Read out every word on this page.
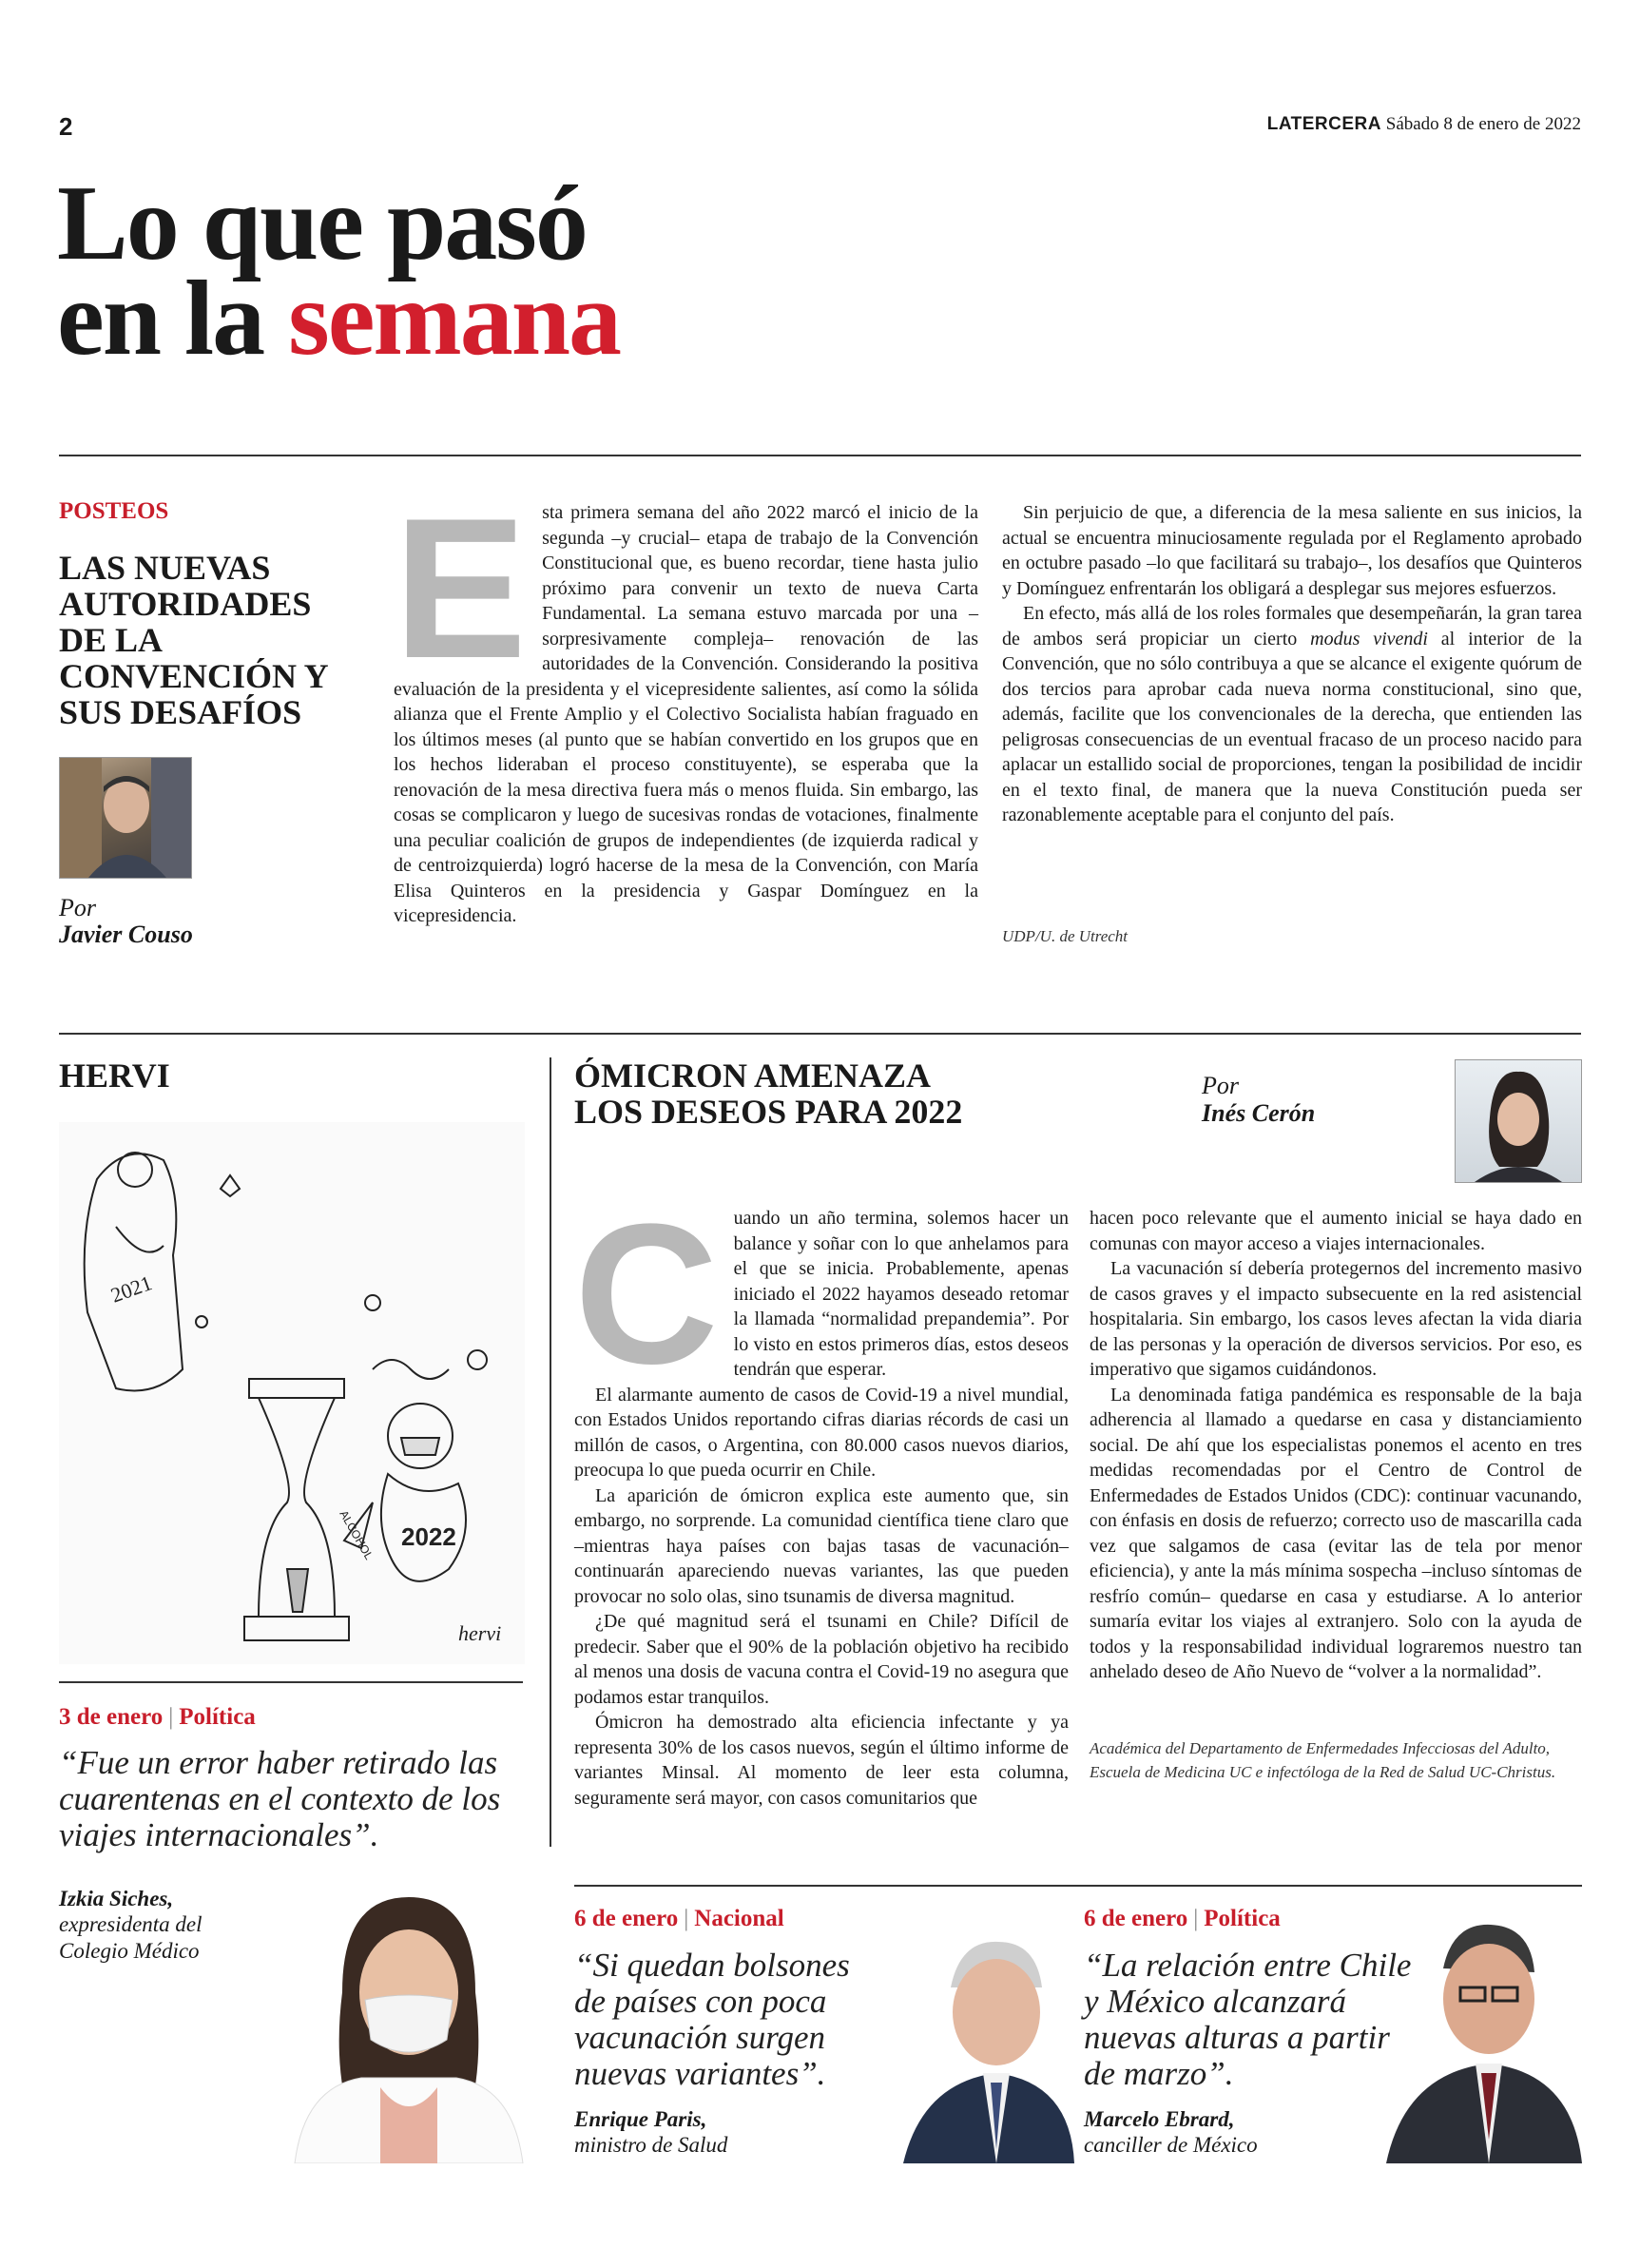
2	LATERCERA Sábado 8 de enero de 2022
Lo que pasó
en la semana
POSTEOS
LAS NUEVAS AUTORIDADES DE LA CONVENCIÓN Y SUS DESAFÍOS
Por
Javier Couso
E sta primera semana del año 2022 marcó el inicio de la segunda –y crucial– etapa de trabajo de la Convención Constitucional que, es bueno recordar, tiene hasta julio próximo para convenir un texto de nueva Carta Fundamental. La semana estuvo marcada por una –sorpresivamente compleja– renovación de las autoridades de la Convención. Considerando la positiva evaluación de la presidenta y el vicepresidente salientes, así como la sólida alianza que el Frente Amplio y el Colectivo Socialista habían fraguado en los últimos meses (al punto que se habían convertido en los grupos que en los hechos lideraban el proceso constituyente), se esperaba que la renovación de la mesa directiva fuera más o menos fluida. Sin embargo, las cosas se complicaron y luego de sucesivas rondas de votaciones, finalmente una peculiar coalición de grupos de independientes (de izquierda radical y de centroizquierda) logró hacerse de la mesa de la Convención, con María Elisa Quinteros en la presidencia y Gaspar Domínguez en la vicepresidencia.

Sin perjuicio de que, a diferencia de la mesa saliente en sus inicios, la actual se encuentra minuciosamente regulada por el Reglamento aprobado en octubre pasado –lo que facilitará su trabajo–, los desafíos que Quinteros y Domínguez enfrentarán los obligará a desplegar sus mejores esfuerzos.

En efecto, más allá de los roles formales que desempeñarán, la gran tarea de ambos será propiciar un cierto modus vivendi al interior de la Convención, que no sólo contribuya a que se alcance el exigente quórum de dos tercios para aprobar cada nueva norma constitucional, sino que, además, facilite que los convencionales de la derecha, que entienden las peligrosas consecuencias de un eventual fracaso de un proceso nacido para aplacar un estallido social de proporciones, tengan la posibilidad de incidir en el texto final, de manera que la nueva Constitución pueda ser razonablemente aceptable para el conjunto del país.

UDP/U. de Utrecht
HERVI
2021
2022
ALCOHOL
hervi
ÓMICRON AMENAZA
LOS DESEOS PARA 2022
Por
Inés Cerón
C uando un año termina, solemos hacer un balance y soñar con lo que anhelamos para el que se inicia. Probablemente, apenas iniciado el 2022 hayamos deseado retomar la llamada “normalidad prepandemia”. Por lo visto en estos primeros días, estos deseos tendrán que esperar.

El alarmante aumento de casos de Covid-19 a nivel mundial, con Estados Unidos reportando cifras diarias récords de casi un millón de casos, o Argentina, con 80.000 casos nuevos diarios, preocupa lo que pueda ocurrir en Chile.

La aparición de ómicron explica este aumento que, sin embargo, no sorprende. La comunidad científica tiene claro que –mientras haya países con bajas tasas de vacunación– continuarán apareciendo nuevas variantes, las que pueden provocar no solo olas, sino tsunamis de diversa magnitud.

¿De qué magnitud será el tsunami en Chile? Difícil de predecir. Saber que el 90% de la población objetivo ha recibido al menos una dosis de vacuna contra el Covid-19 no asegura que podamos estar tranquilos.

Ómicron ha demostrado alta eficiencia infectante y ya representa 30% de los casos nuevos, según el último informe de variantes Minsal. Al momento de leer esta columna, seguramente será mayor, con casos comunitarios que

hacen poco relevante que el aumento inicial se haya dado en comunas con mayor acceso a viajes internacionales.

La vacunación sí debería protegernos del incremento masivo de casos graves y el impacto subsecuente en la red asistencial hospitalaria. Sin embargo, los casos leves afectan la vida diaria de las personas y la operación de diversos servicios. Por eso, es imperativo que sigamos cuidándonos.

La denominada fatiga pandémica es responsable de la baja adherencia al llamado a quedarse en casa y distanciamiento social. De ahí que los especialistas ponemos el acento en tres medidas recomendadas por el Centro de Control de Enfermedades de Estados Unidos (CDC): continuar vacunando, con énfasis en dosis de refuerzo; correcto uso de mascarilla cada vez que salgamos de casa (evitar las de tela por menor eficiencia), y ante la más mínima sospecha –incluso síntomas de resfrío común– quedarse en casa y estudiarse. A lo anterior sumaría evitar los viajes al extranjero. Solo con la ayuda de todos y la responsabilidad individual lograremos nuestro tan anhelado deseo de Año Nuevo de “volver a la normalidad”.

Académica del Departamento de Enfermedades Infecciosas del Adulto, Escuela de Medicina UC e infectóloga de la Red de Salud UC-Christus.
3 de enero | Política
“Fue un error haber retirado las cuarentenas en el contexto de los viajes internacionales”.
Izkia Siches,
expresidenta del
Colegio Médico
6 de enero | Nacional
“Si quedan bolsones de países con poca vacunación surgen nuevas variantes”.
Enrique Paris,
ministro de Salud
6 de enero | Política
“La relación entre Chile y México alcanzará nuevas alturas a partir de marzo”.
Marcelo Ebrard,
canciller de México
